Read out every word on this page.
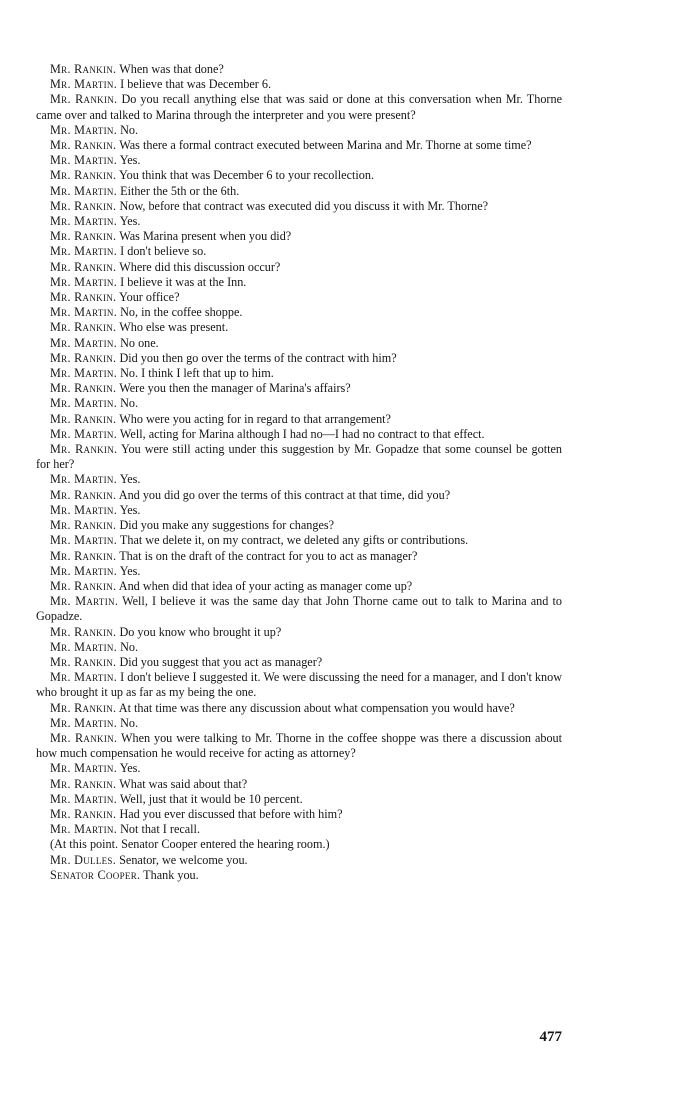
Mr. Rankin. When was that done?

Mr. Martin. I believe that was December 6.

Mr. Rankin. Do you recall anything else that was said or done at this conversation when Mr. Thorne came over and talked to Marina through the interpreter and you were present?

Mr. Martin. No.

Mr. Rankin. Was there a formal contract executed between Marina and Mr. Thorne at some time?

Mr. Martin. Yes.

Mr. Rankin. You think that was December 6 to your recollection.

Mr. Martin. Either the 5th or the 6th.

Mr. Rankin. Now, before that contract was executed did you discuss it with Mr. Thorne?

Mr. Martin. Yes.

Mr. Rankin. Was Marina present when you did?

Mr. Martin. I don't believe so.

Mr. Rankin. Where did this discussion occur?

Mr. Martin. I believe it was at the Inn.

Mr. Rankin. Your office?

Mr. Martin. No, in the coffee shoppe.

Mr. Rankin. Who else was present.

Mr. Martin. No one.

Mr. Rankin. Did you then go over the terms of the contract with him?

Mr. Martin. No. I think I left that up to him.

Mr. Rankin. Were you then the manager of Marina's affairs?

Mr. Martin. No.

Mr. Rankin. Who were you acting for in regard to that arrangement?

Mr. Martin. Well, acting for Marina although I had no—I had no contract to that effect.

Mr. Rankin. You were still acting under this suggestion by Mr. Gopadze that some counsel be gotten for her?

Mr. Martin. Yes.

Mr. Rankin. And you did go over the terms of this contract at that time, did you?

Mr. Martin. Yes.

Mr. Rankin. Did you make any suggestions for changes?

Mr. Martin. That we delete it, on my contract, we deleted any gifts or contributions.

Mr. Rankin. That is on the draft of the contract for you to act as manager?

Mr. Martin. Yes.

Mr. Rankin. And when did that idea of your acting as manager come up?

Mr. Martin. Well, I believe it was the same day that John Thorne came out to talk to Marina and to Gopadze.

Mr. Rankin. Do you know who brought it up?

Mr. Martin. No.

Mr. Rankin. Did you suggest that you act as manager?

Mr. Martin. I don't believe I suggested it. We were discussing the need for a manager, and I don't know who brought it up as far as my being the one.

Mr. Rankin. At that time was there any discussion about what compensation you would have?

Mr. Martin. No.

Mr. Rankin. When you were talking to Mr. Thorne in the coffee shoppe was there a discussion about how much compensation he would receive for acting as attorney?

Mr. Martin. Yes.

Mr. Rankin. What was said about that?

Mr. Martin. Well, just that it would be 10 percent.

Mr. Rankin. Had you ever discussed that before with him?

Mr. Martin. Not that I recall.

(At this point. Senator Cooper entered the hearing room.)

Mr. Dulles. Senator, we welcome you.

Senator Cooper. Thank you.

477
